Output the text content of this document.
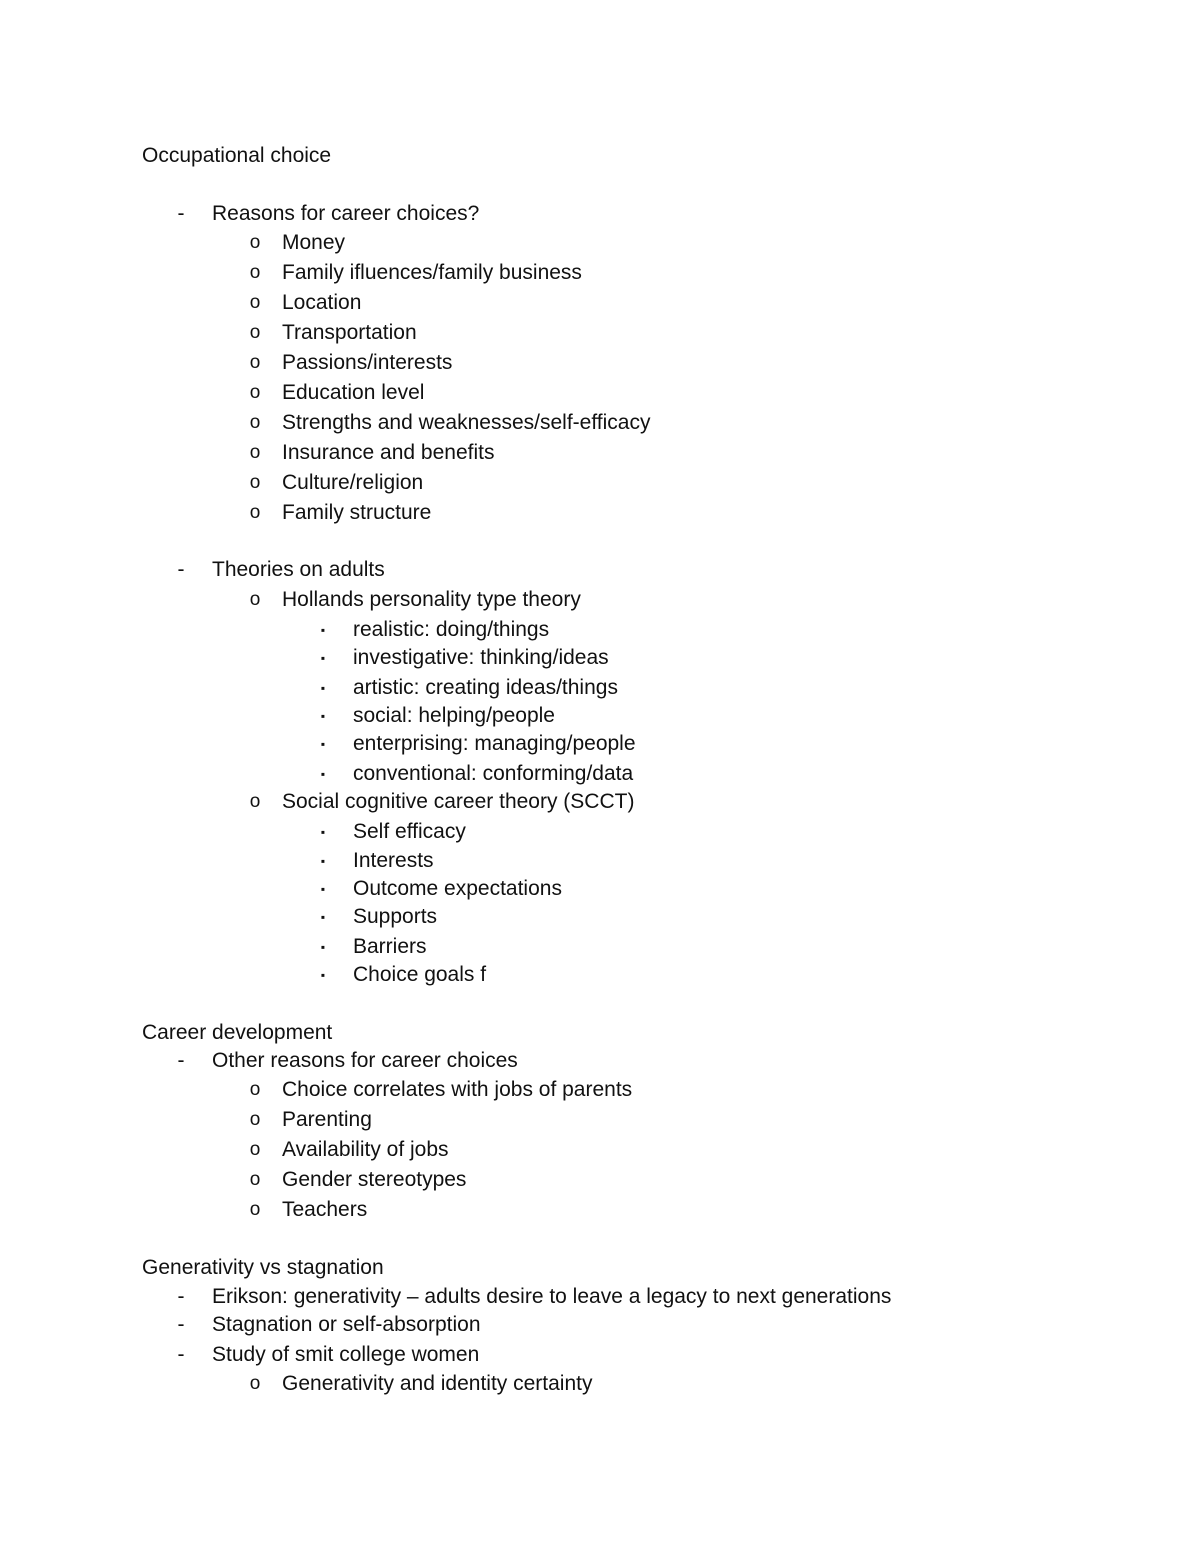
Occupational choice
-	Reasons for career choices?
o	Money
o	Family ifluences/family business
o	Location
o	Transportation
o	Passions/interests
o	Education level
o	Strengths and weaknesses/self-efficacy
o	Insurance and benefits
o	Culture/religion
o	Family structure
-	Theories on adults
o	Hollands personality type theory
▪	realistic: doing/things
▪	investigative: thinking/ideas
▪	artistic: creating ideas/things
▪	social: helping/people
▪	enterprising: managing/people
▪	conventional: conforming/data
o	Social cognitive career theory (SCCT)
▪	Self efficacy
▪	Interests
▪	Outcome expectations
▪	Supports
▪	Barriers
▪	Choice goals f
Career development
-	Other reasons for career choices
o	Choice correlates with jobs of parents
o	Parenting
o	Availability of jobs
o	Gender stereotypes
o	Teachers
Generativity vs stagnation
-	Erikson: generativity – adults desire to leave a legacy to next generations
-	Stagnation or self-absorption
-	Study of smit college women
o	Generativity and identity certainty
